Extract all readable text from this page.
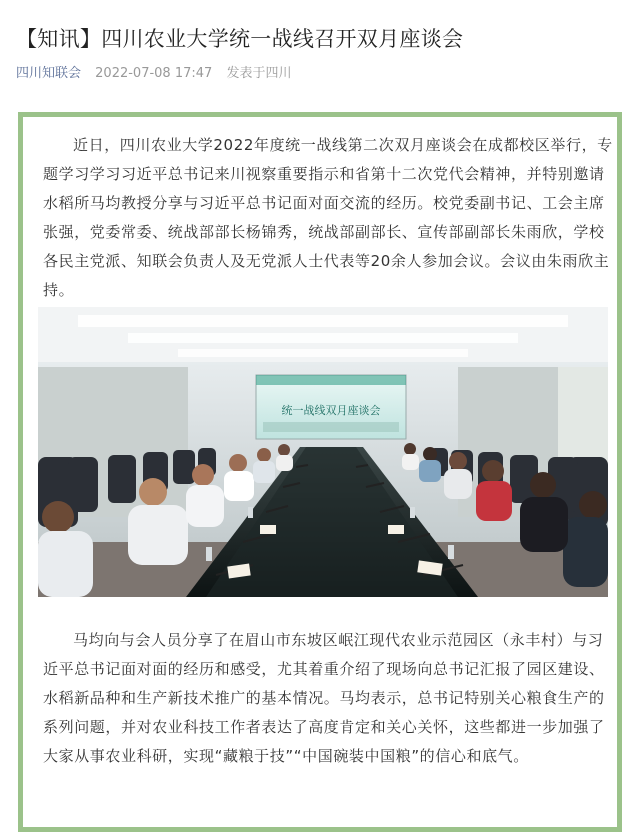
【知讯】四川农业大学统一战线召开双月座谈会
四川知联会 2022-07-08 17:47 发表于四川
近日，四川农业大学2022年度统一战线第二次双月座谈会在成都校区举行，专题学习学习习近平总书记来川视察重要指示和省第十二次党代会精神，并特别邀请水稻所马均教授分享与习近平总书记面对面交流的经历。校党委副书记、工会主席张强，党委常委、统战部部长杨锦秀，统战部副部长、宣传部副部长朱雨欣，学校各民主党派、知联会负责人及无党派人士代表等20余人参加会议。会议由朱雨欣主持。
统一战线双月座谈会
马均向与会人员分享了在眉山市东坡区岷江现代农业示范园区（永丰村）与习近平总书记面对面的经历和感受，尤其着重介绍了现场向总书记汇报了园区建设、水稻新品种和生产新技术推广的基本情况。马均表示，总书记特别关心粮食生产的系列问题，并对农业科技工作者表达了高度肯定和关心关怀，这些都进一步加强了大家从事农业科研，实现“藏粮于技”“中国碗装中国粮”的信心和底气。
